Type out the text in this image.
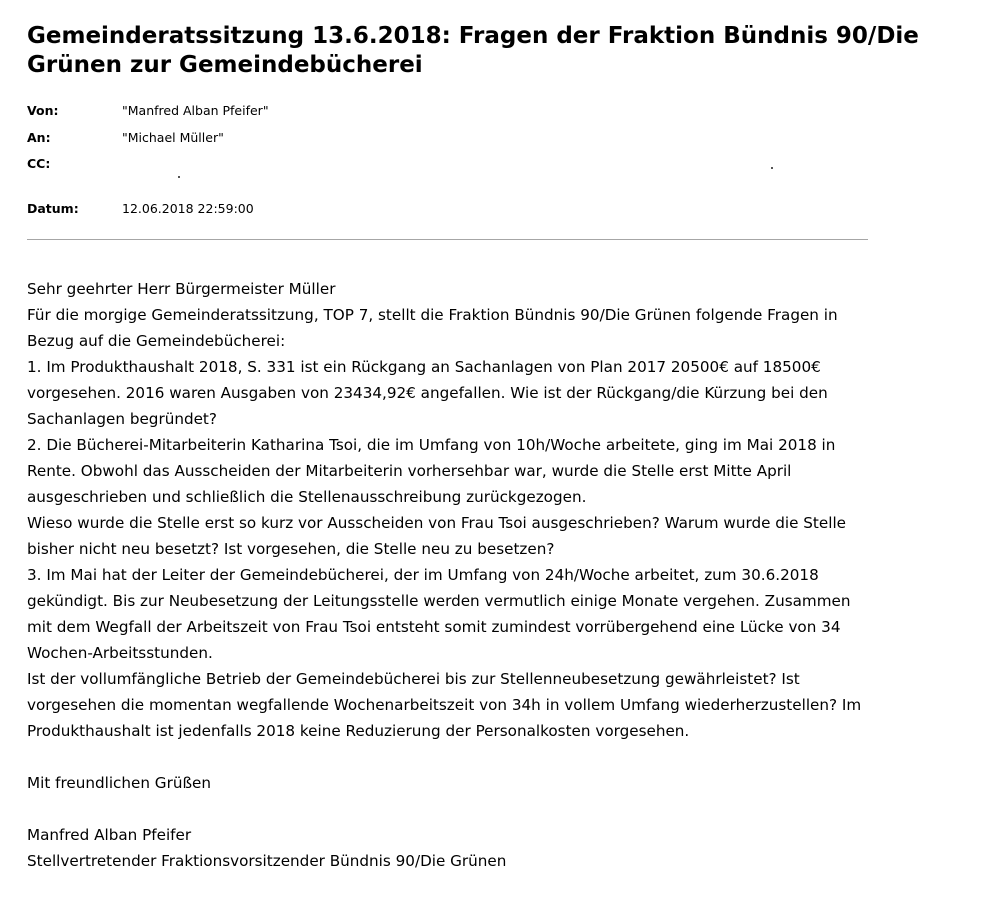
Gemeinderatssitzung 13.6.2018: Fragen der Fraktion Bündnis 90/Die Grünen zur Gemeindebücherei
Von:	"Manfred Alban Pfeifer"
An:	"Michael Müller"
CC:
Datum:	12.06.2018 22:59:00

Sehr geehrter Herr Bürgermeister Müller

Für die morgige Gemeinderatssitzung, TOP 7, stellt die Fraktion Bündnis 90/Die Grünen folgende Fragen in Bezug auf die Gemeindebücherei:

1. Im Produkthaushalt 2018, S. 331 ist ein Rückgang an Sachanlagen von Plan 2017 20500€ auf 18500€ vorgesehen. 2016 waren Ausgaben von 23434,92€ angefallen. Wie ist der Rückgang/die Kürzung bei den Sachanlagen begründet?

2. Die Bücherei-Mitarbeiterin Katharina Tsoi, die im Umfang von 10h/Woche arbeitete, ging im Mai 2018 in Rente. Obwohl das Ausscheiden der Mitarbeiterin vorhersehbar war, wurde die Stelle erst Mitte April ausgeschrieben und schließlich die Stellenausschreibung zurückgezogen.

Wieso wurde die Stelle erst so kurz vor Ausscheiden von Frau Tsoi ausgeschrieben? Warum wurde die Stelle bisher nicht neu besetzt? Ist vorgesehen, die Stelle neu zu besetzen?

3. Im Mai hat der Leiter der Gemeindebücherei, der im Umfang von 24h/Woche arbeitet, zum 30.6.2018 gekündigt. Bis zur Neubesetzung der Leitungsstelle werden vermutlich einige Monate vergehen. Zusammen mit dem Wegfall der Arbeitszeit von Frau Tsoi entsteht somit zumindest vorrübergehend eine Lücke von 34 Wochen-Arbeitsstunden.

Ist der vollumfängliche Betrieb der Gemeindebücherei bis zur Stellenneubesetzung gewährleistet? Ist vorgesehen die momentan wegfallende Wochenarbeitszeit von 34h in vollem Umfang wiederherzustellen? Im Produkthaushalt ist jedenfalls 2018 keine Reduzierung der Personalkosten vorgesehen.

Mit freundlichen Grüßen

Manfred Alban Pfeifer

Stellvertretender Fraktionsvorsitzender Bündnis 90/Die Grünen
